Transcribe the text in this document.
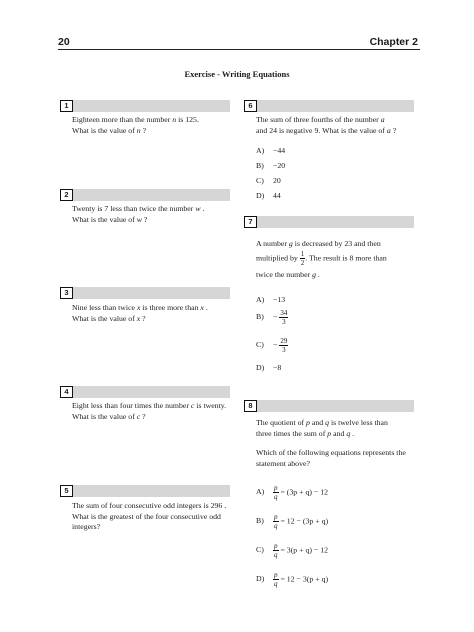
20	Chapter 2
Exercise - Writing Equations
1
Eighteen more than the number n is 125.
What is the value of n ?
2
Twenty is 7 less than twice the number w .
What is the value of w ?
3
Nine less than twice x is three more than x .
What is the value of x ?
4
Eight less than four times the number c is twenty.
What is the value of c ?
5
The sum of four consecutive odd integers is 296 .
What is the greatest of the four consecutive odd
integers?
6
The sum of three fourths of the number a
and 24 is negative 9. What is the value of a ?
A) −44
B) −20
C) 20
D) 44
7
A number g is decreased by 23 and then
multiplied by $\frac{1}{2}$ . The result is 8 more than
twice the number g .
A) −13
$B) - \frac{34}{3}$
$C) - \frac{29}{3}$
D) −8
8
The quotient of p and q is twelve less than
three times the sum of p and q .
Which of the following equations represents the
statement above?
$A) \frac{p}{q} = (3p + q) - 12$
$B) \frac{p}{q} = 12 - (3p + q)$
$C) \frac{p}{q} = 3(p + q) - 12$
$D) \frac{p}{q} = 12 - 3(p + q)$
